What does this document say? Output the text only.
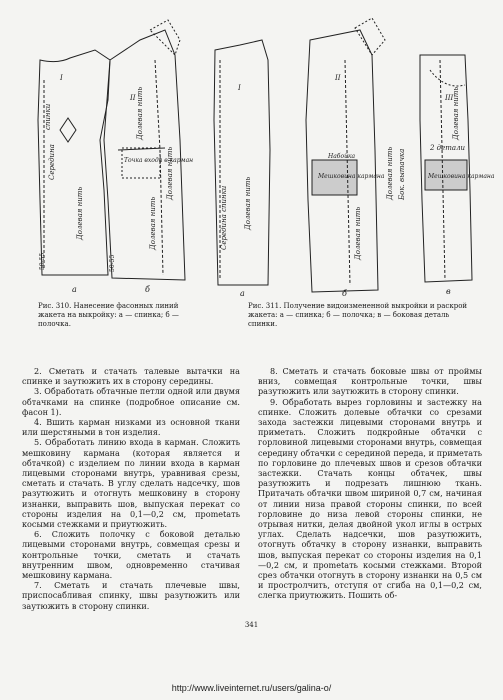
I
II
спинки
Середина
Долевая нить
Долевая нить
Долевая нить
Долевая нить
Точка входа в карман
50-55	50-55
а	б
I
II
III
Набойка
Мешковина кармана	Мешковина кармана
Середина спинки Долевая нить
Долевая нить
Долевая нить
Долевая нить
Бок. вытачка
2 детали
а	б	в
Рис. 310. Нанесение фасонных линий жакета на выкройку: а — спинка; б — полочка.
Рис. 311. Получение видоизмененной выкройки и раскрой жакета: а — спинка; б — полочка; в — боковая деталь спинки.

2. Сметать и стачать талевые вытачки на спинке и заутюжить их в сторону середины.

3. Обработать обтачные петли одной или двумя обтачками на спинке (подробное описание см. фасон 1).

4. Вшить карман низками из основной ткани или шерстяными в тон изделия.

5. Обработать линию входа в карман. Сложить мешковину кармана (которая является и обтачкой) с изделием по линии входа в карман лицевыми сторонами внутрь, уравнивая срезы, сметать и стачать. В углу сделать надсечку, шов разутюжить и отогнуть мешковину в сторону изнанки, выправить шов, выпуская перекат со стороны изделия на 0,1—0,2 см, проmetать косыми стежками и приутюжить.

6. Сложить полочку с боковой деталью лицевыми сторонами внутрь, совмещая срезы и контрольные точки, сметать и стачать внутренним швом, одновременно стачивая мешковину кармана.

7. Сметать и стачать плечевые швы, приспосабливая спинку, швы разутюжить или заутюжить в сторону спинки.

8. Сметать и стачать боковые швы от проймы вниз, совмещая контрольные точки, швы разутюжить или заутюжить в сторону спинки.

9. Обработать вырез горловины и застежку на спинке. Сложить долевые обтачки со срезами захода застежки лицевыми сторонами внутрь и приметать. Сложить подкройные обтачки с горловиной лицевыми сторонами внутрь, совмещая середину обтачки с серединой переда, и приметать по горловине до плечевых швов и срезов обтачки застежки. Стачать концы обтачек, швы разутюжить и подрезать лишнюю ткань. Притачать обтачки швом шириной 0,7 см, начиная от линии низа правой стороны спинки, по всей горловине до низа левой стороны спинки, не отрывая нитки, делая двойной укол иглы в острых углах. Сделать надсечки, шов разутюжить, отогнуть обтачку в сторону изнанки, выправить шов, выпуская перекат со стороны изделия на 0,1—0,2 см, и проmetать косыми стежками. Второй срез обтачки отогнуть в сторону изнанки на 0,5 см и простролчить, отступя от сгиба на 0,1—0,2 см, слегка приутюжить. Пошить об-

341
http://www.liveinternet.ru/users/galina-o/
